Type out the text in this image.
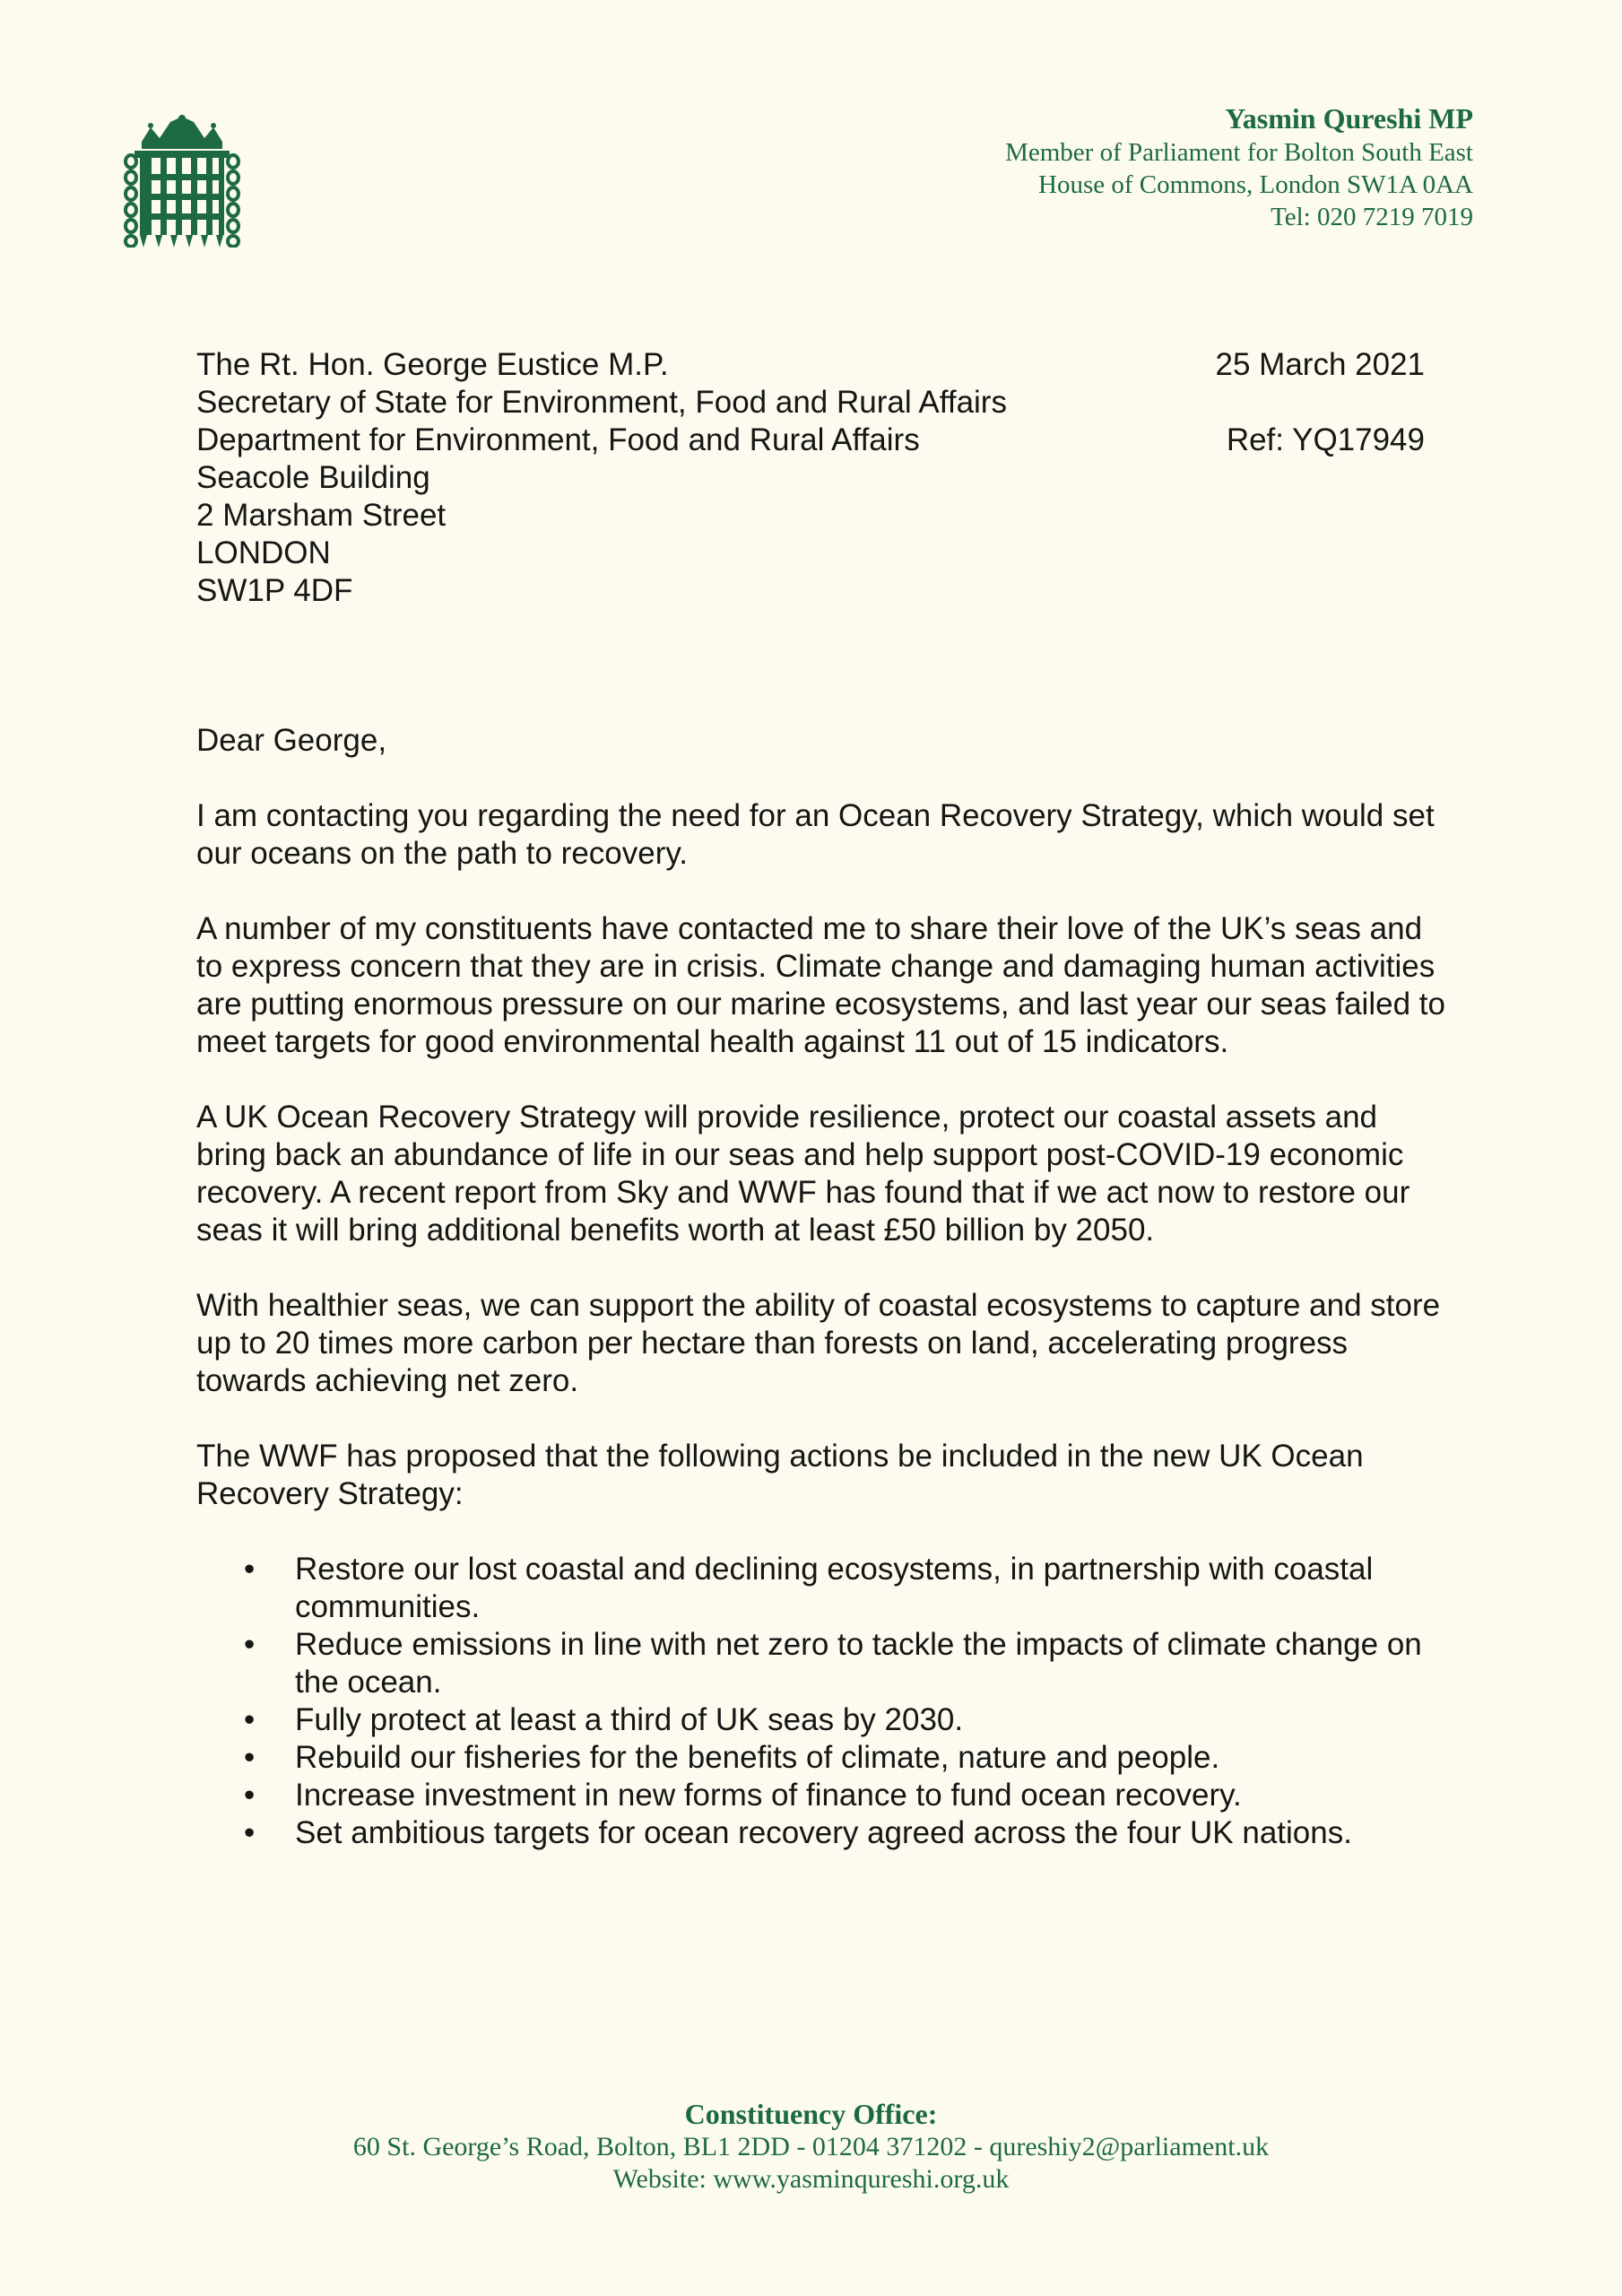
Yasmin Qureshi MP
Member of Parliament for Bolton South East
House of Commons, London SW1A 0AA
Tel: 020 7219 7019
The Rt. Hon. George Eustice M.P.
Secretary of State for Environment, Food and Rural Affairs
Department for Environment, Food and Rural Affairs
Seacole Building
2 Marsham Street
LONDON
SW1P 4DF
25 March 2021
Ref: YQ17949

Dear George,

I am contacting you regarding the need for an Ocean Recovery Strategy, which would set our oceans on the path to recovery.

A number of my constituents have contacted me to share their love of the UK’s seas and to express concern that they are in crisis. Climate change and damaging human activities are putting enormous pressure on our marine ecosystems, and last year our seas failed to meet targets for good environmental health against 11 out of 15 indicators.

A UK Ocean Recovery Strategy will provide resilience, protect our coastal assets and bring back an abundance of life in our seas and help support post-COVID-19 economic recovery. A recent report from Sky and WWF has found that if we act now to restore our seas it will bring additional benefits worth at least £50 billion by 2050.

With healthier seas, we can support the ability of coastal ecosystems to capture and store up to 20 times more carbon per hectare than forests on land, accelerating progress towards achieving net zero.

The WWF has proposed that the following actions be included in the new UK Ocean Recovery Strategy:

• Restore our lost coastal and declining ecosystems, in partnership with coastal communities.
• Reduce emissions in line with net zero to tackle the impacts of climate change on the ocean.
• Fully protect at least a third of UK seas by 2030.
• Rebuild our fisheries for the benefits of climate, nature and people.
• Increase investment in new forms of finance to fund ocean recovery.
• Set ambitious targets for ocean recovery agreed across the four UK nations.
Constituency Office:
60 St. George’s Road, Bolton, BL1 2DD - 01204 371202 - qureshiy2@parliament.uk
Website: www.yasminqureshi.org.uk
